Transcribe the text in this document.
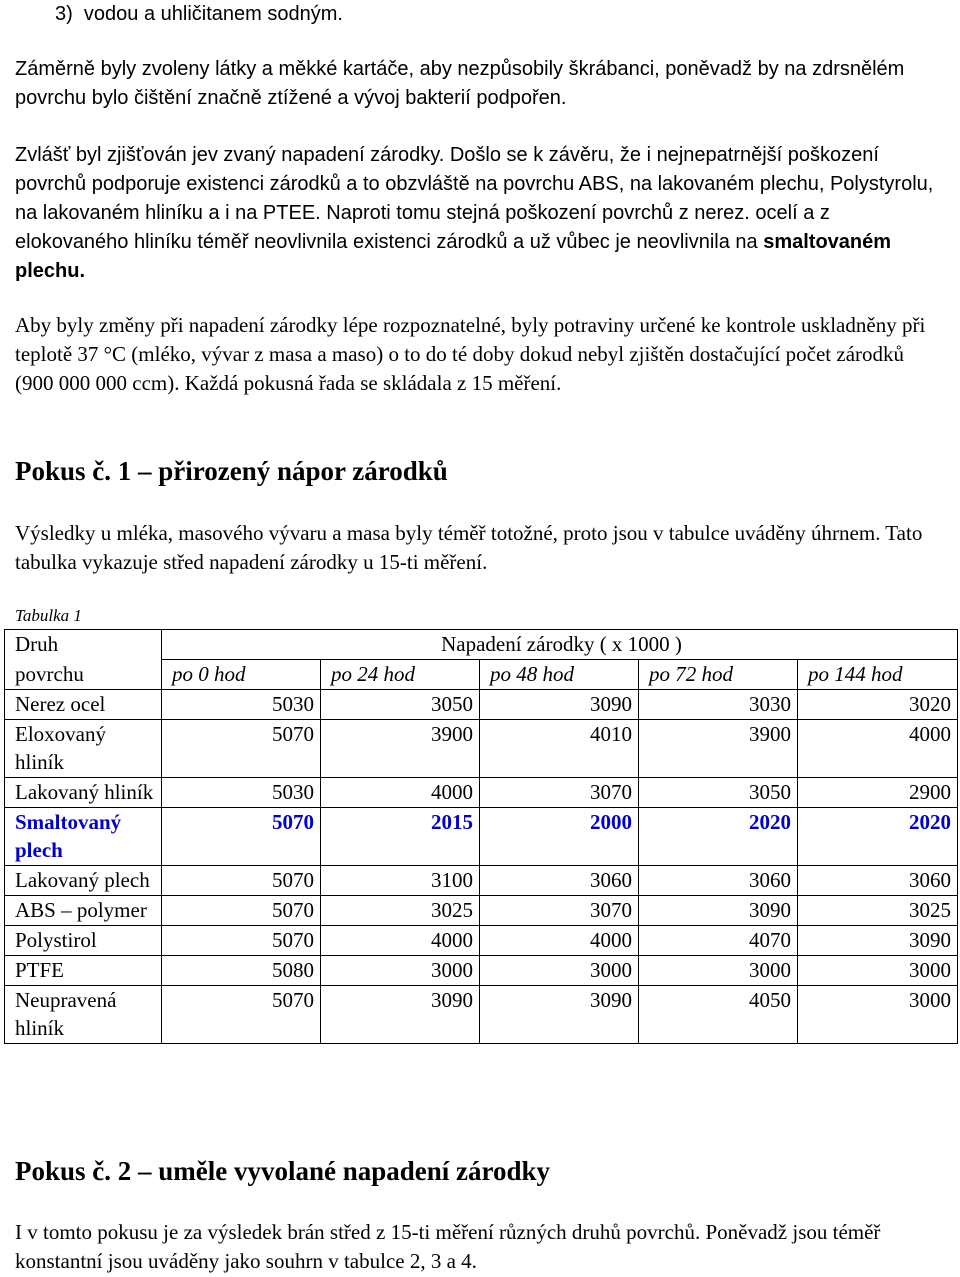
3)  vodou a uhličitanem sodným.

Záměrně byly zvoleny látky a měkké kartáče, aby nezpůsobily škrábanci, poněvadž by na zdrsnělém povrchu bylo čištění značně ztížené a vývoj bakterií podpořen.

Zvlášť byl zjišťován jev zvaný napadení zárodky. Došlo se k závěru, že i nejnepatrnější poškození povrchů podporuje existenci zárodků a to obzvláště na povrchu ABS, na lakovaném plechu, Polystyrolu, na lakovaném hliníku a i na PTEE. Naproti tomu stejná poškození povrchů z nerez. ocelí a z elokovaného hliníku téměř neovlivnila existenci zárodků a už vůbec je neovlivnila na smaltovaném plechu.

Aby byly změny při napadení zárodky lépe rozpoznatelné, byly potraviny určené ke kontrole uskladněny při teplotě 37 °C (mléko, vývar z masa a maso) o to do té doby dokud nebyl zjištěn dostačující počet zárodků (900 000 000 ccm). Každá pokusná řada se skládala z 15 měření.

Pokus č. 1 – přirozený nápor zárodků

Výsledky u mléka, masového vývaru a masa byly téměř totožné, proto jsou v tabulce uváděny úhrnem. Tato tabulka vykazuje střed napadení zárodky u 15-ti měření.

Tabulka 1
Druh	Napadení zárodky ( x 1000 )				
povrchu	po 0 hod	po 24 hod	po 48 hod	po 72 hod	po 144 hod
Nerez ocel	5030	3050	3090	3030	3020
Eloxovaný hliník	5070	3900	4010	3900	4000
Lakovaný hliník	5030	4000	3070	3050	2900
Smaltovaný plech	5070	2015	2000	2020	2020
Lakovaný plech	5070	3100	3060	3060	3060
ABS – polymer	5070	3025	3070	3090	3025
Polystirol	5070	4000	4000	4070	3090
PTFE	5080	3000	3000	3000	3000
Neupravená hliník	5070	3090	3090	4050	3000
Pokus č. 2 – uměle vyvolané napadení zárodky

I v tomto pokusu je za výsledek brán střed z 15-ti měření různých druhů povrchů. Poněvadž jsou téměř konstantní jsou uváděny jako souhrn v tabulce 2, 3 a 4.
